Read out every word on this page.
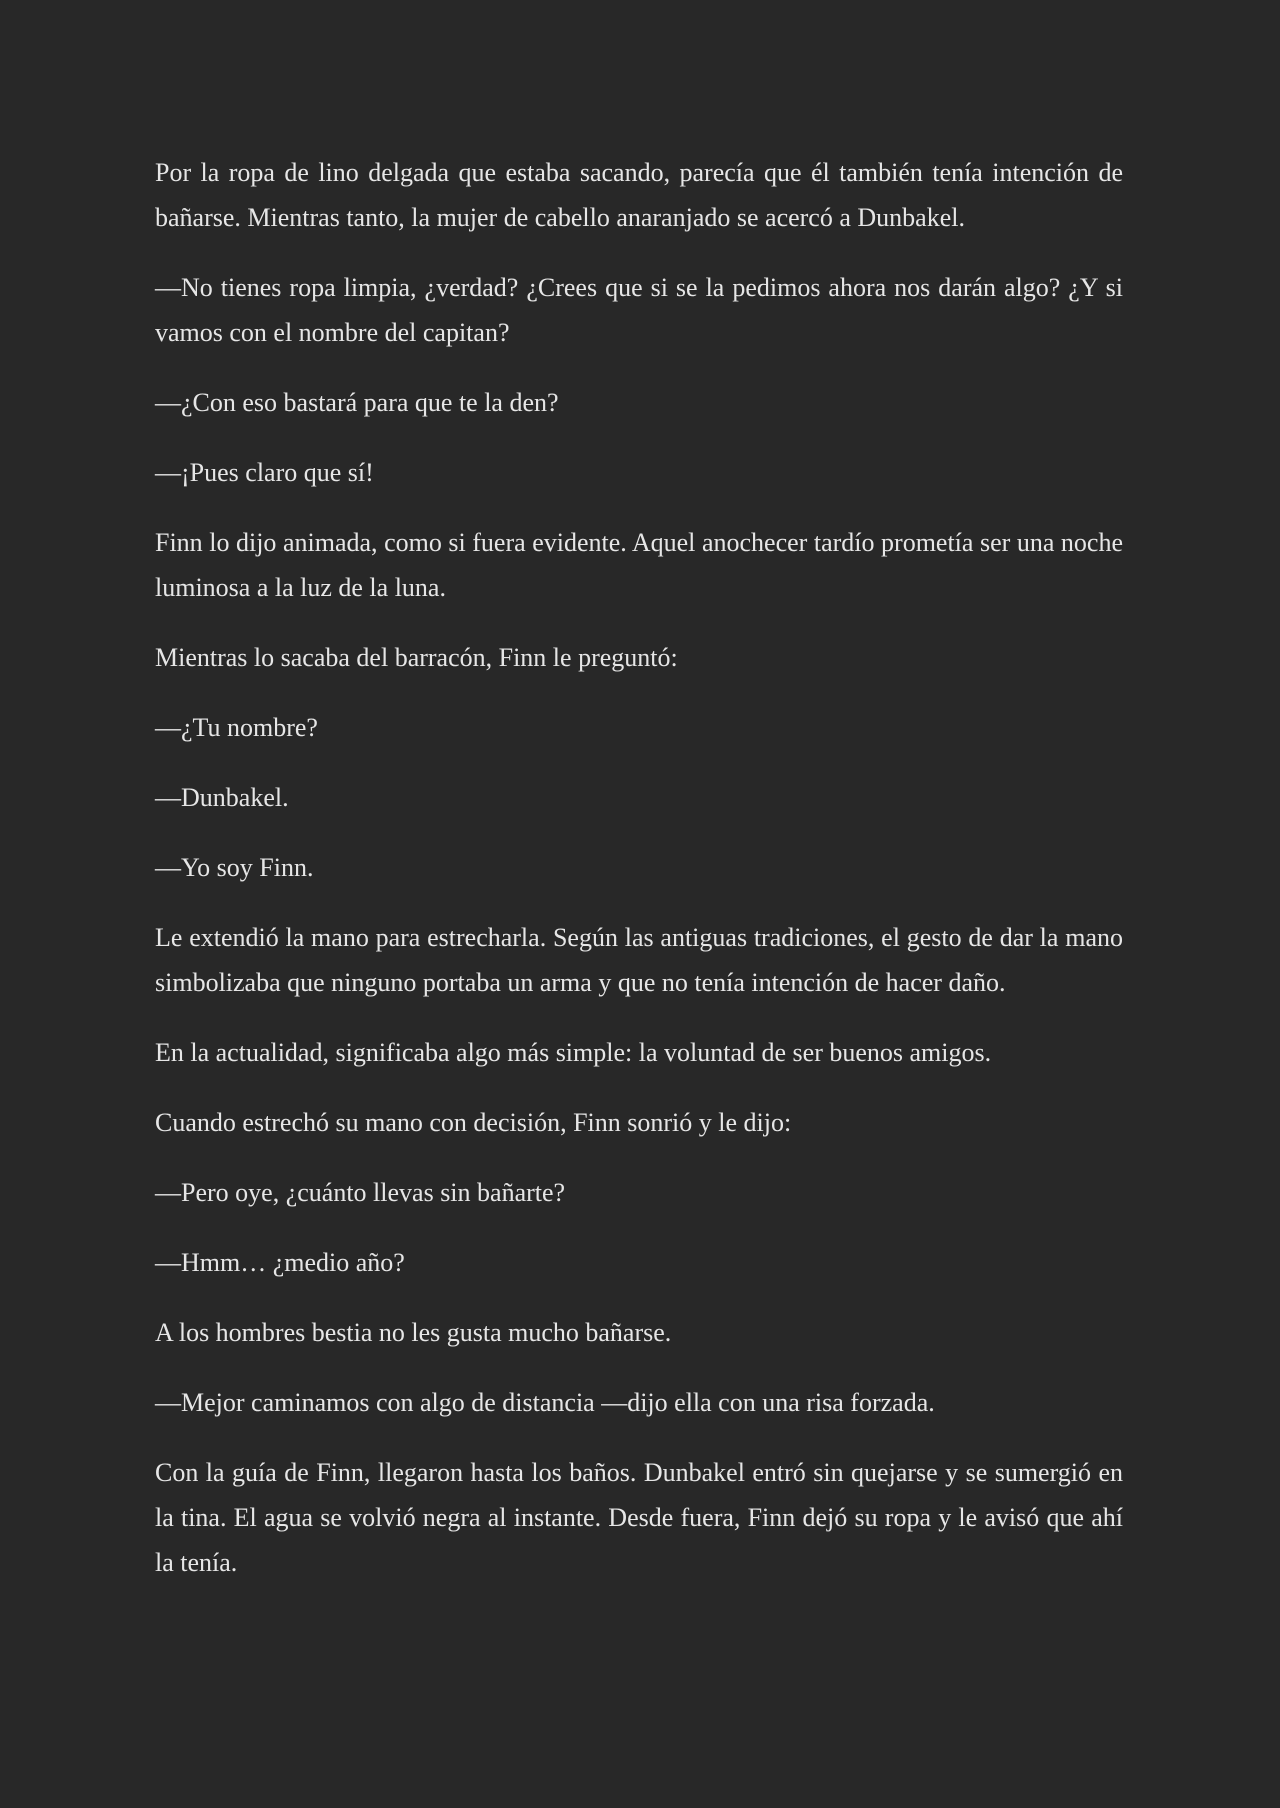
Por la ropa de lino delgada que estaba sacando, parecía que él también tenía intención de bañarse. Mientras tanto, la mujer de cabello anaranjado se acercó a Dunbakel.

—No tienes ropa limpia, ¿verdad? ¿Crees que si se la pedimos ahora nos darán algo? ¿Y si vamos con el nombre del capitan?

—¿Con eso bastará para que te la den?

—¡Pues claro que sí!

Finn lo dijo animada, como si fuera evidente. Aquel anochecer tardío prometía ser una noche luminosa a la luz de la luna.

Mientras lo sacaba del barracón, Finn le preguntó:

—¿Tu nombre?

—Dunbakel.

—Yo soy Finn.

Le extendió la mano para estrecharla. Según las antiguas tradiciones, el gesto de dar la mano simbolizaba que ninguno portaba un arma y que no tenía intención de hacer daño.

En la actualidad, significaba algo más simple: la voluntad de ser buenos amigos.

Cuando estrechó su mano con decisión, Finn sonrió y le dijo:

—Pero oye, ¿cuánto llevas sin bañarte?

—Hmm… ¿medio año?

A los hombres bestia no les gusta mucho bañarse.

—Mejor caminamos con algo de distancia —dijo ella con una risa forzada.

Con la guía de Finn, llegaron hasta los baños. Dunbakel entró sin quejarse y se sumergió en la tina. El agua se volvió negra al instante. Desde fuera, Finn dejó su ropa y le avisó que ahí la tenía.
